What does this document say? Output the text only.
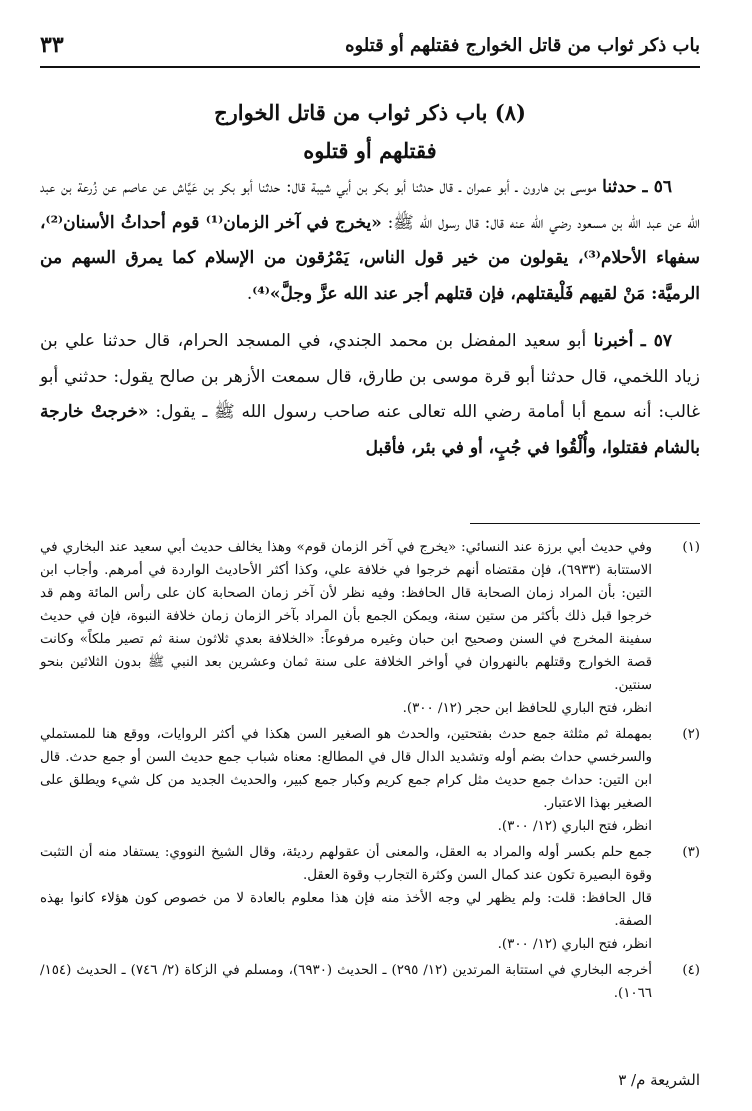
باب ذكر ثواب من قاتل الخوارج فقتلهم أو قتلوه
٣٣
(٨) باب ذكر ثواب من قاتل الخوارج
فقتلهم أو قتلوه

٥٦ ـ حدثنا موسى بن هارون ـ أبو عمران ـ قال حدثنا أبو بكر بن أبي شيبة قال: حدثنا أبو بكر بن عَيَّاش عن عاصم عن زُرعة بن عبد الله عن عبد الله بن مسعود رضي الله عنه قال: قال رسول الله ﷺ: «يخرج في آخر الزمان⁽¹⁾ قوم أحداثُ الأسنان⁽²⁾، سفهاء الأحلام⁽³⁾، يقولون من خير قول الناس، يَمْرُقون من الإسلام كما يمرق السهم من الرميَّة: مَنْ لقيهم فَلْيقتلهم، فإن قتلهم أجر عند الله عزَّ وجلَّ»⁽⁴⁾.

٥٧ ـ أخبرنا أبو سعيد المفضل بن محمد الجندي، في المسجد الحرام، قال حدثنا علي بن زياد اللخمي، قال حدثنا أبو قرة موسى بن طارق، قال سمعت الأزهر بن صالح يقول: حدثني أبو غالب: أنه سمع أبا أمامة رضي الله تعالى عنه صاحب رسول الله ﷺ ـ يقول: «خرجتْ خارجة بالشام فقتلوا، وأُلْقُوا في جُبٍ، أو في بئر، فأقبل

(١)

وفي حديث أبي برزة عند النسائي: «يخرج في آخر الزمان قوم» وهذا يخالف حديث أبي سعيد عند البخاري في الاستتابة (٦٩٣٣)، فإن مقتضاه أنهم خرجوا في خلافة علي، وكذا أكثر الأحاديث الواردة في أمرهم. وأجاب ابن التين: بأن المراد زمان الصحابة قال الحافظ: وفيه نظر لأن آخر زمان الصحابة كان على رأس المائة وهم قد خرجوا قبل ذلك بأكثر من ستين سنة، ويمكن الجمع بأن المراد بآخر الزمان زمان خلافة النبوة، فإن في حديث سفينة المخرج في السنن وصحيح ابن حبان وغيره مرفوعاً: «الخلافة بعدي ثلاثون سنة ثم تصير ملكاً» وكانت قصة الخوارج وقتلهم بالنهروان في أواخر الخلافة على سنة ثمان وعشرين بعد النبي ﷺ بدون الثلاثين بنحو سنتين.

انظر، فتح الباري للحافظ ابن حجر (١٢/ ٣٠٠).

(٢)

بمهملة ثم مثلثة جمع حدث بفتحتين، والحدث هو الصغير السن هكذا في أكثر الروايات، ووقع هنا للمستملي والسرخسي حداث بضم أوله وتشديد الدال قال في المطالع: معناه شباب جمع حديث السن أو جمع حدث. قال ابن التين: حداث جمع حديث مثل كرام جمع كريم وكبار جمع كبير، والحديث الجديد من كل شيء ويطلق على الصغير بهذا الاعتبار.

انظر، فتح الباري (١٢/ ٣٠٠).

(٣)

جمع حلم بكسر أوله والمراد به العقل، والمعنى أن عقولهم رديئة، وقال الشيخ النووي: يستفاد منه أن التثبت وقوة البصيرة تكون عند كمال السن وكثرة التجارب وقوة العقل.

قال الحافظ: قلت: ولم يظهر لي وجه الأخذ منه فإن هذا معلوم بالعادة لا من خصوص كون هؤلاء كانوا بهذه الصفة.

انظر، فتح الباري (١٢/ ٣٠٠).

(٤)

أخرجه البخاري في استتابة المرتدين (١٢/ ٢٩٥) ـ الحديث (٦٩٣٠)، ومسلم في الزكاة (٢/ ٧٤٦) ـ الحديث (١٥٤/ ١٠٦٦).

الشريعة م/ ٣
